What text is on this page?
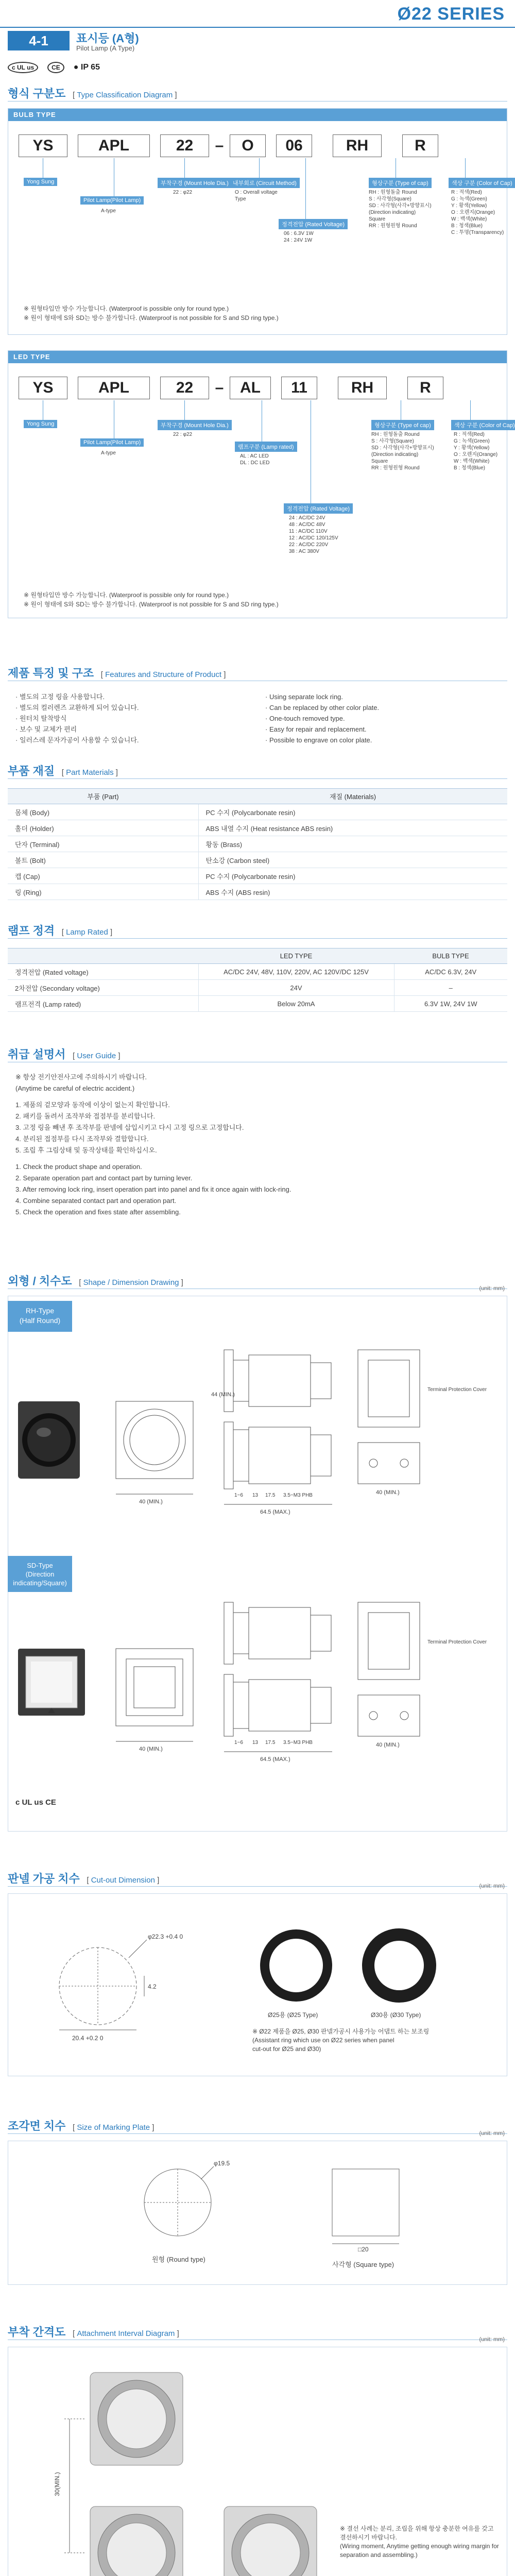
Ø22 SERIES
4-1	표시등 (A형)
Pilot Lamp (A Type)
c UL us	CE	● IP 65
형식 구분도 [ Type Classification Diagram ]
BULB TYPE
YS	APL	22	–	O	06	RH	R
Yong Sung
Pilot Lamp(Pilot Lamp)
A-type
부착구경 (Mount Hole Dia.)
22 : φ22
내부회로 (Circuit Method)
O : Overall voltage Type
정격전압 (Rated Voltage)
06 : 6.3V 1W
24 : 24V 1W
형상구분 (Type of cap)
RH : 원형돌출 Round
S : 사각형(Square)
SD : 사각형(사각+방향표시)
(Direction indicating)
Square
RR : 원형원형 Round
색상 구분 (Color of Cap)
R : 적색(Red)
G : 녹색(Green)
Y : 황색(Yellow)
O : 오렌지(Orange)
W : 백색(White)
B : 청색(Blue)
C : 투명(Transparency)
※ 원형타입만 방수 가능합니다. (Waterproof is possible only for round type.)
※ 원이 형태에 S와 SD는 방수 불가합니다. (Waterproof is not possible for S and SD ring type.)
LED TYPE
YS	APL	22	–	AL	11	RH	R
Yong Sung
Pilot Lamp(Pilot Lamp)
A-type
부착구경 (Mount Hole Dia.)
22 : φ22
램프구분 (Lamp rated)
AL : AC LED
DL : DC LED
정격전압 (Rated Voltage)
24 : AC/DC 24V
48 : AC/DC 48V
11 : AC/DC 110V
12 : AC/DC 120/125V
22 : AC/DC 220V
38 : AC 380V
형상구분 (Type of cap)
RH : 원형돌출 Round
S : 사각형(Square)
SD : 사각형(사각+방향표시)
(Direction indicating)
Square
RR : 원형원형 Round
색상 구분 (Color of Cap)
R : 적색(Red)
G : 녹색(Green)
Y : 황색(Yellow)
O : 오렌지(Orange)
W : 백색(White)
B : 청색(Blue)
※ 원형타입만 방수 가능합니다. (Waterproof is possible only for round type.)
※ 원이 형태에 S와 SD는 방수 불가합니다. (Waterproof is not possible for S and SD ring type.)
제품 특징 및 구조 [ Features and Structure of Product ]
· 별도의 고정 링을 사용합니다.
· 별도의 컬러렌즈 교환하게 되어 있습니다.
· 원터치 탈착방식
· 보수 및 교체가 편리
· 일러스레 문자가공이 사용할 수 있습니다.
· Using separate lock ring.
· Can be replaced by other color plate.
· One-touch removed type.
· Easy for repair and replacement.
· Possible to engrave on color plate.
부품 재질 [ Part Materials ]
부품 (Part)	재질 (Materials)
몸체 (Body)	PC 수지 (Polycarbonate resin)
홀더 (Holder)	ABS 내열 수지 (Heat resistance ABS resin)
단자 (Terminal)	황동 (Brass)
볼트 (Bolt)	탄소강 (Carbon steel)
캡 (Cap)	PC 수지 (Polycarbonate resin)
링 (Ring)	ABS 수지 (ABS resin)
램프 정격 [ Lamp Rated ]
	LED TYPE	BULB TYPE
정격전압 (Rated voltage)	AC/DC 24V, 48V, 110V, 220V, AC 120V/DC 125V	AC/DC 6.3V, 24V
2차전압 (Secondary voltage)	24V	–
램프전격 (Lamp rated)	Below 20mA	6.3V 1W, 24V 1W
취급 설명서 [ User Guide ]
※ 항상 전기안전사고에 주의하시기 바랍니다.
(Anytime be careful of electric accident.)
1. 제품의 겉모양과 동작에 이상이 없는지 확인합니다.
2. 패키를 돌려서 조작부와 접점부를 분리합니다.
3. 고정 링을 빼낸 후 조작부를 판넬에 삽입시키고 다시 고정 링으로 고정합니다.
4. 분리된 접점부를 다시 조작부와 결합합니다.
5. 조립 후 그림상태 및 동작상태를 확인하십시오.
1. Check the product shape and operation.
2. Separate operation part and contact part by turning lever.
3. After removing lock ring, insert operation part into panel and fix it once again with lock-ring.
4. Combine separated contact part and operation part.
5. Check the operation and fixes state after assembling.
외형 / 치수도 [ Shape / Dimension Drawing ]
(unit: mm)
RH-Type
(Half Round)
40 (MIN.)
64.5 (MAX.)
44 (MIN.)
1~6 13 17.5 3.5~M3 PHB
Terminal Protection Cover
40 (MIN.)
SD-Type
(Direction indicating/Square)
40 (MIN.)
64.5 (MAX.)
1~6 13 17.5 3.5~M3 PHB
Terminal Protection Cover
40 (MIN.)
c UL us CE
판넬 가공 치수 [ Cut-out Dimension ]
(unit: mm)
φ22.3 +0.4 0
20.4 +0.2 0
4.2
Ø25용 (Ø25 Type)	Ø30용 (Ø30 Type)
※ Ø22 제품을 Ø25, Ø30 판넬가공시 사용가능 어댑트 하는 보조링
(Assistant ring which use on Ø22 series when panel
cut-out for Ø25 and Ø30)
조각면 치수 [ Size of Marking Plate ]
(unit: mm)
φ19.5
원형 (Round type)
□20
사각형 (Square type)
부착 간격도 [ Attachment Interval Diagram ]
(unit: mm)
30(MIN.)
※ 결선 사례는 분리, 조립을 위해 항상 충분한 여유를 갖고 결선하시기 바랍니다.
(Wiring moment, Anytime getting enough wiring margin for separation and assembling.)
